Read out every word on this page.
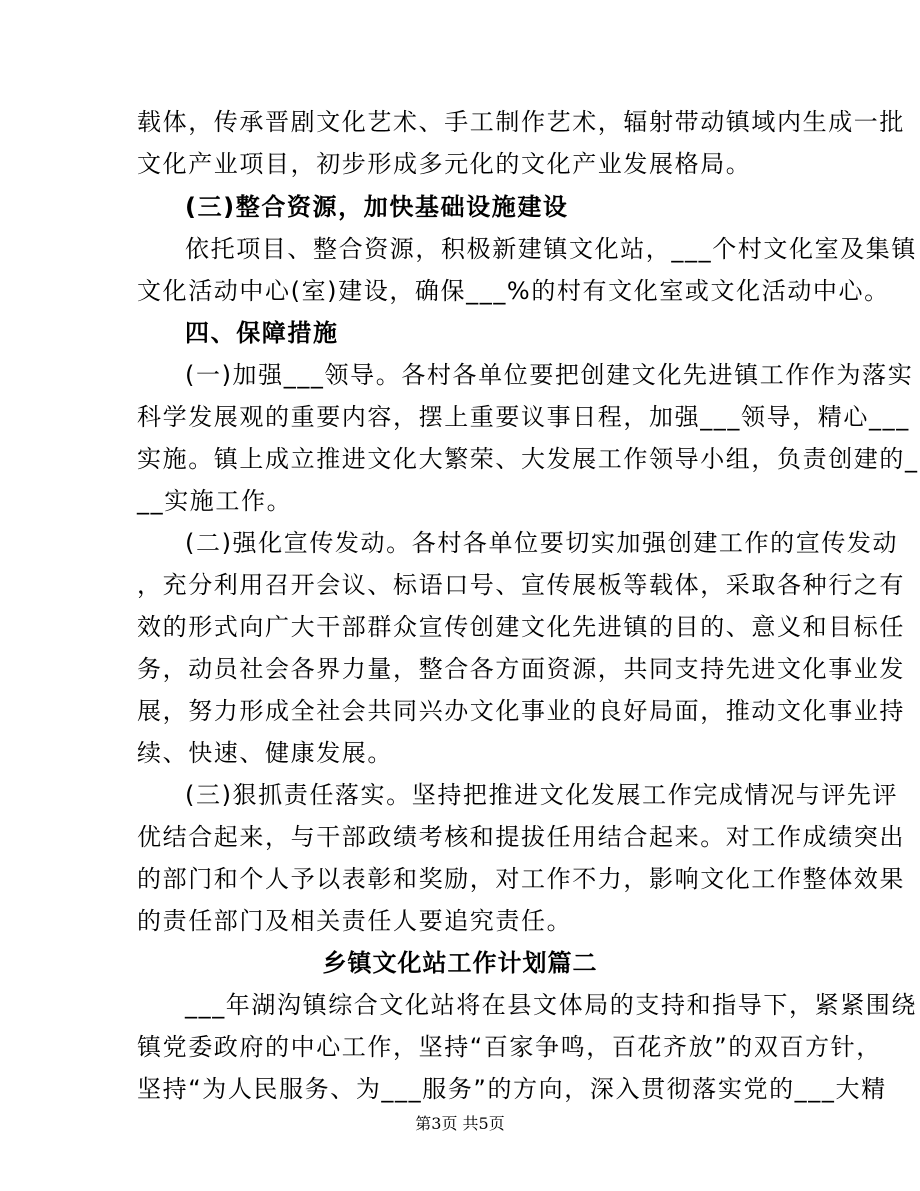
载体，传承晋剧文化艺术、手工制作艺术，辐射带动镇域内生成一批
文化产业项目，初步形成多元化的文化产业发展格局。
(三)整合资源，加快基础设施建设
依托项目、整合资源，积极新建镇文化站，___个村文化室及集镇
文化活动中心(室)建设，确保___%的村有文化室或文化活动中心。
四、保障措施
(一)加强___领导。各村各单位要把创建文化先进镇工作作为落实
科学发展观的重要内容，摆上重要议事日程，加强___领导，精心___
实施。镇上成立推进文化大繁荣、大发展工作领导小组，负责创建的_
__实施工作。
(二)强化宣传发动。各村各单位要切实加强创建工作的宣传发动
，充分利用召开会议、标语口号、宣传展板等载体，采取各种行之有
效的形式向广大干部群众宣传创建文化先进镇的目的、意义和目标任
务，动员社会各界力量，整合各方面资源，共同支持先进文化事业发
展，努力形成全社会共同兴办文化事业的良好局面，推动文化事业持
续、快速、健康发展。
(三)狠抓责任落实。坚持把推进文化发展工作完成情况与评先评
优结合起来，与干部政绩考核和提拔任用结合起来。对工作成绩突出
的部门和个人予以表彰和奖励，对工作不力，影响文化工作整体效果
的责任部门及相关责任人要追究责任。
乡镇文化站工作计划篇二
___年湖沟镇综合文化站将在县文体局的支持和指导下，紧紧围绕
镇党委政府的中心工作，坚持“百家争鸣，百花齐放”的双百方针，
坚持“为人民服务、为___服务”的方向，深入贯彻落实党的___大精
第3页 共5页
